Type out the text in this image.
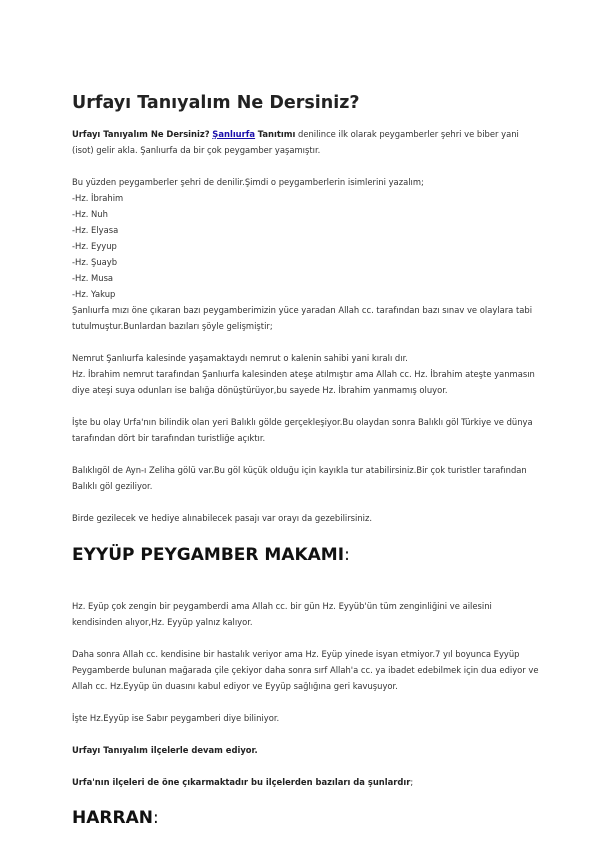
Urfayı Tanıyalım Ne Dersiniz?

Urfayı Tanıyalım Ne Dersiniz? Şanlıurfa Tanıtımı denilince ilk olarak peygamberler şehri ve biber yani

(isot) gelir akla. Şanlıurfa da bir çok peygamber yaşamıştır.

Bu yüzden peygamberler şehri de denilir.Şimdi o peygamberlerin isimlerini yazalım;

-Hz. İbrahim

-Hz. Nuh

-Hz. Elyasa

-Hz. Eyyup

-Hz. Şuayb

-Hz. Musa

-Hz. Yakup

Şanlıurfa mızı öne çıkaran bazı peygamberimizin yüce yaradan Allah cc. tarafından bazı sınav ve olaylara tabi

tutulmuştur.Bunlardan bazıları şöyle gelişmiştir;

Nemrut Şanlıurfa kalesinde yaşamaktaydı nemrut o kalenin sahibi yani kıralı dır.

Hz. İbrahim nemrut tarafından Şanlıurfa kalesinden ateşe atılmıştır ama Allah cc. Hz. İbrahim ateşte yanmasın

diye ateşi suya odunları ise balığa dönüştürüyor,bu sayede Hz. İbrahim yanmamış oluyor.

İşte bu olay Urfa'nın bilindik olan yeri Balıklı gölde gerçekleşiyor.Bu olaydan sonra Balıklı göl Türkiye ve dünya

tarafından dört bir tarafından turistliğe açıktır.

Balıklıgöl de Ayn-ı Zeliha gölü var.Bu göl küçük olduğu için kayıkla tur atabilirsiniz.Bir çok turistler tarafından

Balıklı göl geziliyor.

Birde gezilecek ve hediye alınabilecek pasajı var orayı da gezebilirsiniz.

EYYÜP PEYGAMBER MAKAMI:

Hz. Eyüp çok zengin bir peygamberdi ama Allah cc. bir gün Hz. Eyyüb'ün tüm zenginliğini ve ailesini

kendisinden alıyor,Hz. Eyyüp yalnız kalıyor.

Daha sonra Allah cc. kendisine bir hastalık veriyor ama Hz. Eyüp yinede isyan etmiyor.7 yıl boyunca Eyyüp

Peygamberde bulunan mağarada çile çekiyor daha sonra sırf Allah'a cc. ya ibadet edebilmek için dua ediyor ve

Allah cc. Hz.Eyyüp ün duasını kabul ediyor ve Eyyüp sağlığına geri kavuşuyor.

İşte Hz.Eyyüp ise Sabır peygamberi diye biliniyor.

Urfayı Tanıyalım ilçelerle devam ediyor.

Urfa'nın ilçeleri de öne çıkarmaktadır bu ilçelerden bazıları da şunlardır;

HARRAN:
